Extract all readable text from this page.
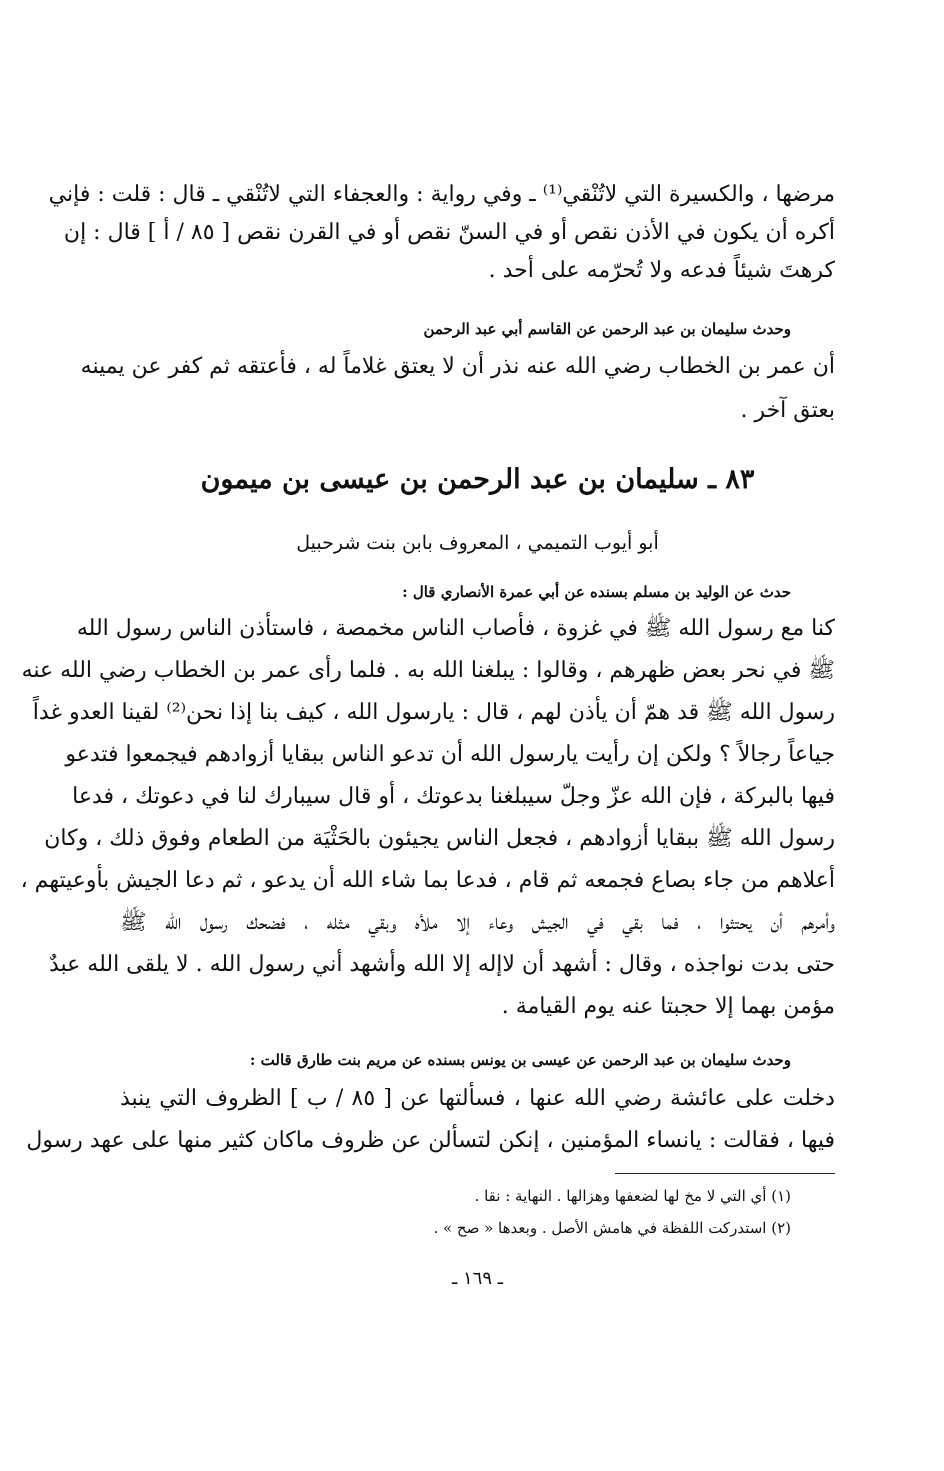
مرضها ، والكسيرة التي لاتُنْقي⁽¹⁾ ـ وفي رواية : والعجفاء التي لاتُنْقي ـ قال : قلت : فإني
أكره أن يكون في الأذن نقص أو في السنّ نقص أو في القرن نقص [ ٨٥ / أ ] قال : إن
كرهتَ شيئاً فدعه ولا تُحرّمه على أحد .
وحدث سليمان بن عبد الرحمن عن القاسم أبي عبد الرحمن
أن عمر بن الخطاب رضي الله عنه نذر أن لا يعتق غلاماً له ، فأعتقه ثم كفر عن يمينه
بعتق آخر .
٨٣ ـ سليمان بن عبد الرحمن بن عيسى بن ميمون
أبو أيوب التميمي ، المعروف بابن بنت شرحبيل
حدث عن الوليد بن مسلم بسنده عن أبي عمرة الأنصاري قال :
كنا مع رسول الله ﷺ في غزوة ، فأصاب الناس مخمصة ، فاستأذن الناس رسول الله
ﷺ في نحر بعض ظهرهم ، وقالوا : يبلغنا الله به . فلما رأى عمر بن الخطاب رضي الله عنه
رسول الله ﷺ قد همّ أن يأذن لهم ، قال : يارسول الله ، كيف بنا إذا نحن⁽²⁾ لقينا العدو غداً
جياعاً رجالاً ؟ ولكن إن رأيت يارسول الله أن تدعو الناس ببقايا أزوادهم فيجمعوا فتدعو
فيها بالبركة ، فإن الله عزّ وجلّ سيبلغنا بدعوتك ، أو قال سيبارك لنا في دعوتك ، فدعا
رسول الله ﷺ ببقايا أزوادهم ، فجعل الناس يجيئون بالحَثْيَة من الطعام وفوق ذلك ، وكان
أعلاهم من جاء بصاع فجمعه ثم قام ، فدعا بما شاء الله أن يدعو ، ثم دعا الجيش بأوعيتهم ،
وأمرهم أن يحتثوا ، فما بقي في الجيش وعاء إلا ملأه وبقي مثله ، فضحك رسول الله ﷺ
حتى بدت نواجذه ، وقال : أشهد أن لاإله إلا الله وأشهد أني رسول الله . لا يلقى الله عبدٌ
مؤمن بهما إلا حجبتا عنه يوم القيامة .
وحدث سليمان بن عبد الرحمن عن عيسى بن يونس بسنده عن مريم بنت طارق قالت :
دخلت على عائشة رضي الله عنها ، فسألتها عن [ ٨٥ / ب ] الظروف التي ينبذ
فيها ، فقالت : يانساء المؤمنين ، إنكن لتسألن عن ظروف ماكان كثير منها على عهد رسول
(١) أي التي لا مخ لها لضعفها وهزالها . النهاية : نقا .
(٢) استدركت اللفظة في هامش الأصل . وبعدها « صح » .
ـ ١٦٩ ـ
